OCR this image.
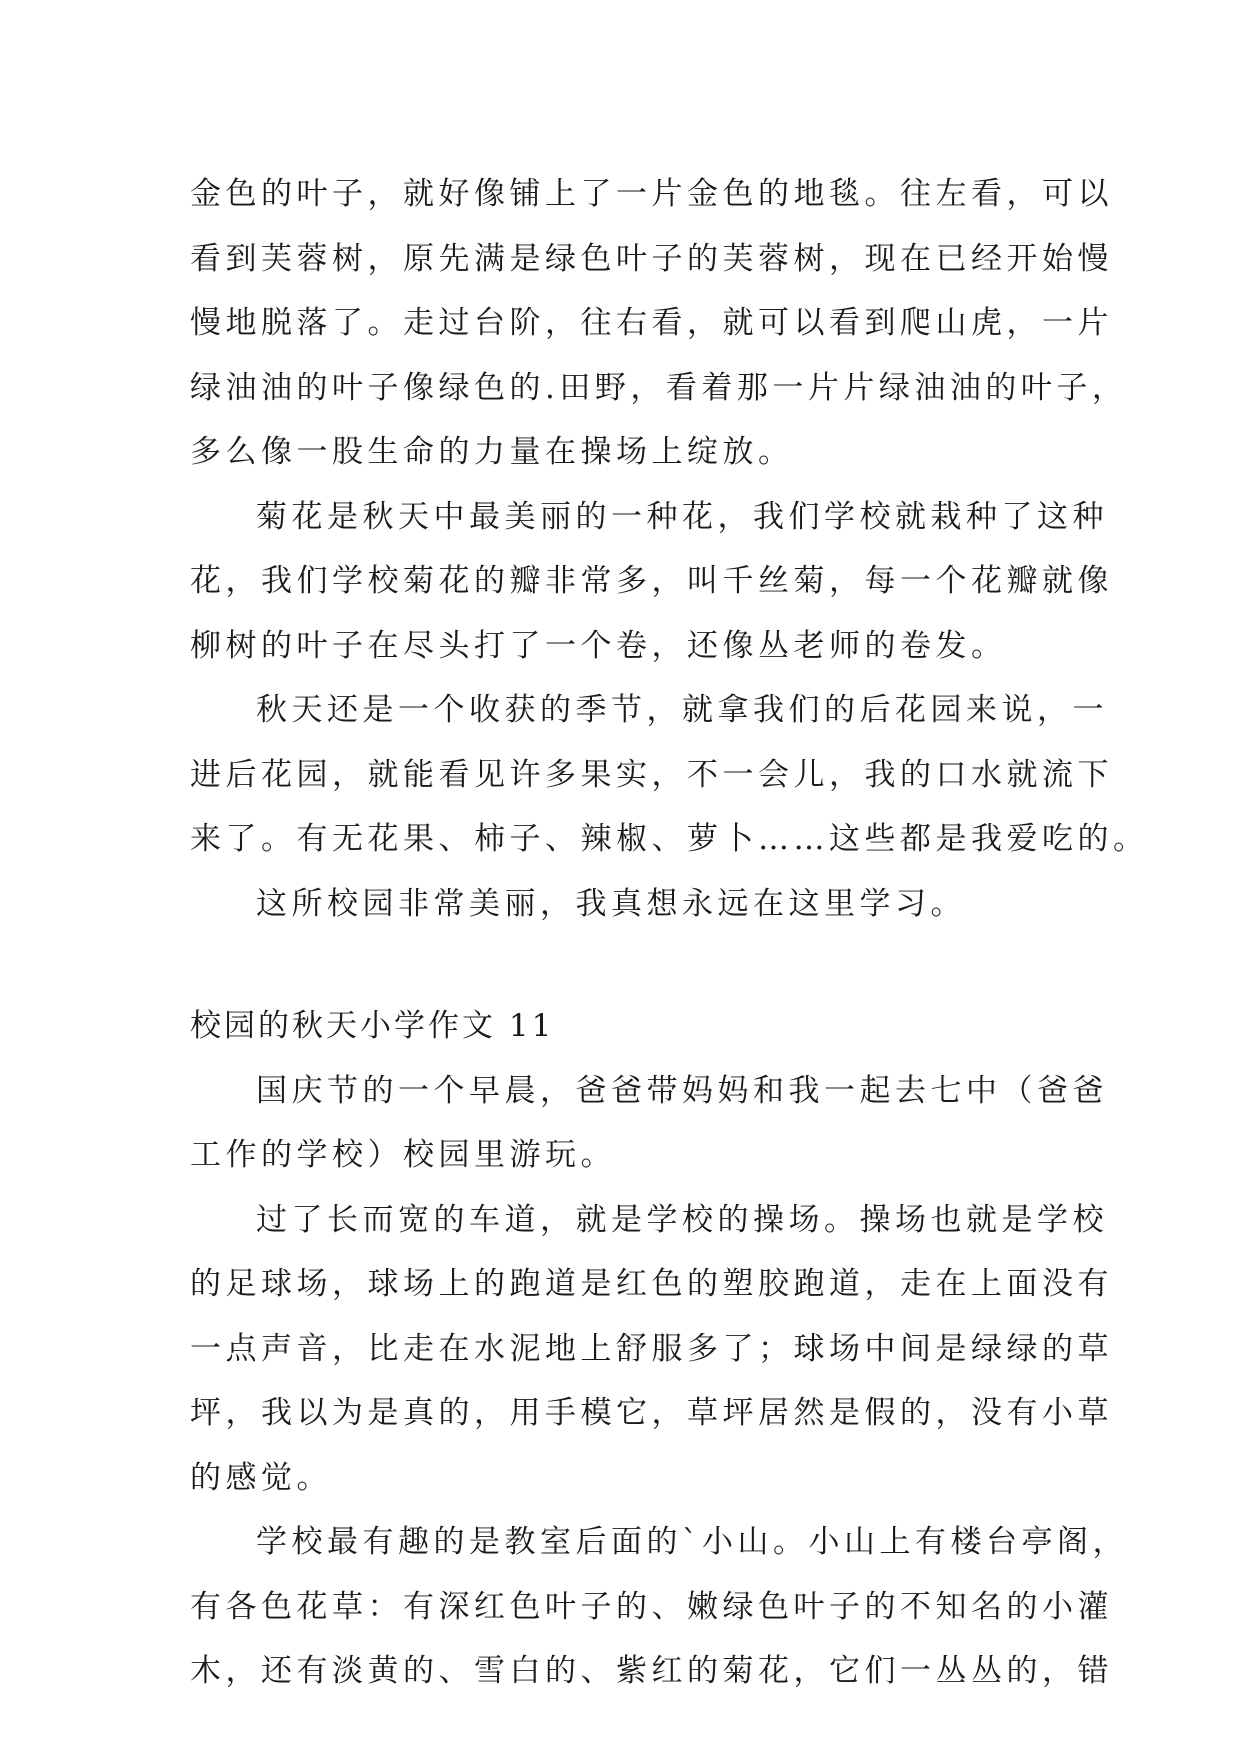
金色的叶子，就好像铺上了一片金色的地毯。往左看，可以
看到芙蓉树，原先满是绿色叶子的芙蓉树，现在已经开始慢
慢地脱落了。走过台阶，往右看，就可以看到爬山虎，一片
绿油油的叶子像绿色的.田野，看着那一片片绿油油的叶子，
多么像一股生命的力量在操场上绽放。
菊花是秋天中最美丽的一种花，我们学校就栽种了这种
花，我们学校菊花的瓣非常多，叫千丝菊，每一个花瓣就像
柳树的叶子在尽头打了一个卷，还像丛老师的卷发。
秋天还是一个收获的季节，就拿我们的后花园来说，一
进后花园，就能看见许多果实，不一会儿，我的口水就流下
来了。有无花果、柿子、辣椒、萝卜……这些都是我爱吃的。
这所校园非常美丽，我真想永远在这里学习。
校园的秋天小学作文 11
国庆节的一个早晨，爸爸带妈妈和我一起去七中（爸爸
工作的学校）校园里游玩。
过了长而宽的车道，就是学校的操场。操场也就是学校
的足球场，球场上的跑道是红色的塑胶跑道，走在上面没有
一点声音，比走在水泥地上舒服多了；球场中间是绿绿的草
坪，我以为是真的，用手模它，草坪居然是假的，没有小草
的感觉。
学校最有趣的是教室后面的`小山。小山上有楼台亭阁，
有各色花草：有深红色叶子的、嫩绿色叶子的不知名的小灌
木，还有淡黄的、雪白的、紫红的菊花，它们一丛丛的，错
